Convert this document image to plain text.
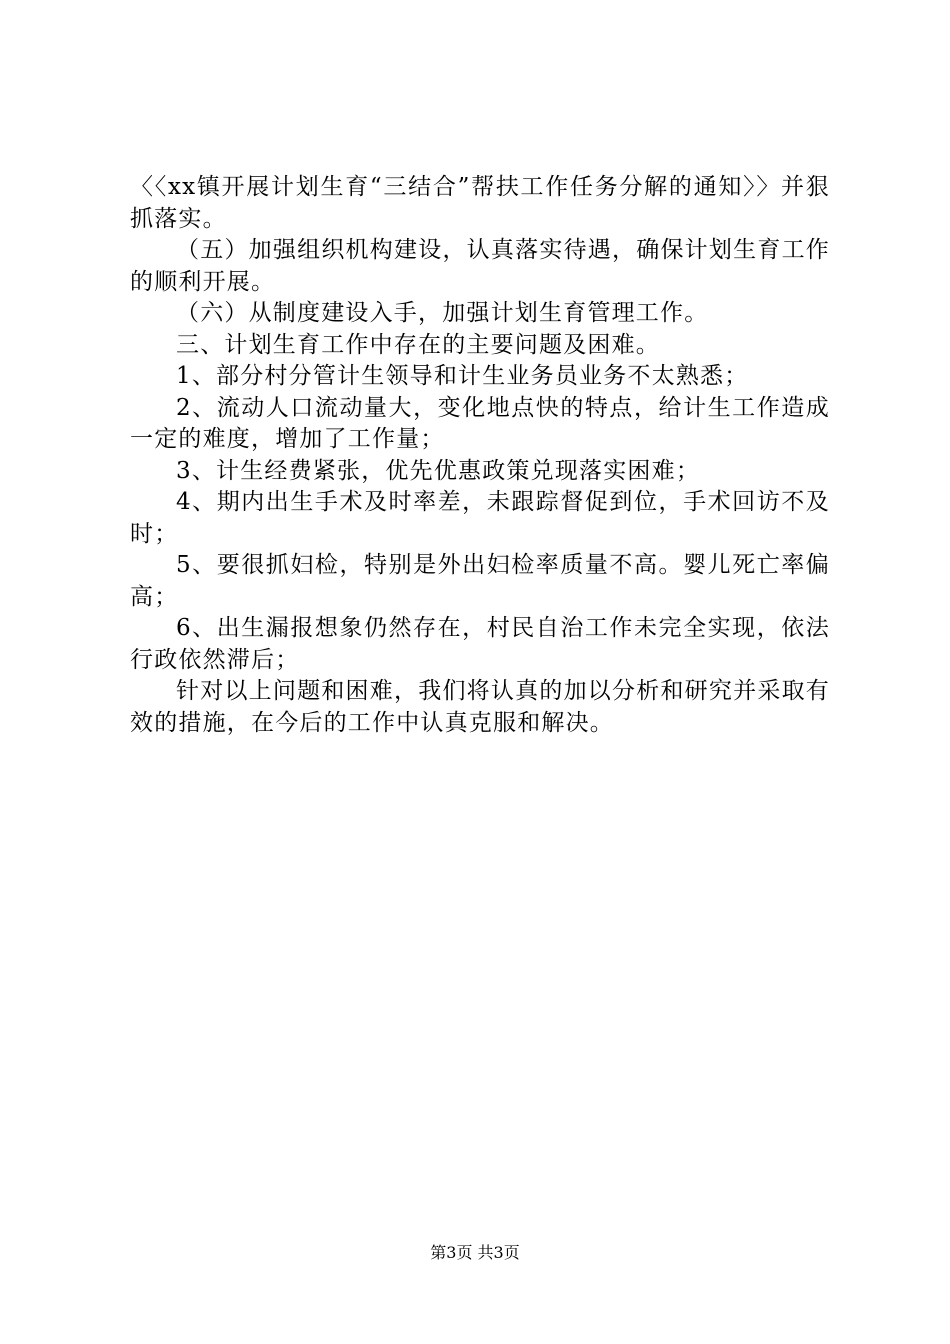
〈〈xx镇开展计划生育“三结合”帮扶工作任务分解的通知〉〉并狠抓落实。

（五）加强组织机构建设，认真落实待遇，确保计划生育工作的顺利开展。

（六）从制度建设入手，加强计划生育管理工作。

三、计划生育工作中存在的主要问题及困难。

1、部分村分管计生领导和计生业务员业务不太熟悉；

2、流动人口流动量大，变化地点快的特点，给计生工作造成一定的难度，增加了工作量；

3、计生经费紧张，优先优惠政策兑现落实困难；

4、期内出生手术及时率差，未跟踪督促到位，手术回访不及时；

5、要很抓妇检，特别是外出妇检率质量不高。婴儿死亡率偏高；

6、出生漏报想象仍然存在，村民自治工作未完全实现，依法行政依然滞后；

针对以上问题和困难，我们将认真的加以分析和研究并采取有效的措施，在今后的工作中认真克服和解决。

第3页 共3页
